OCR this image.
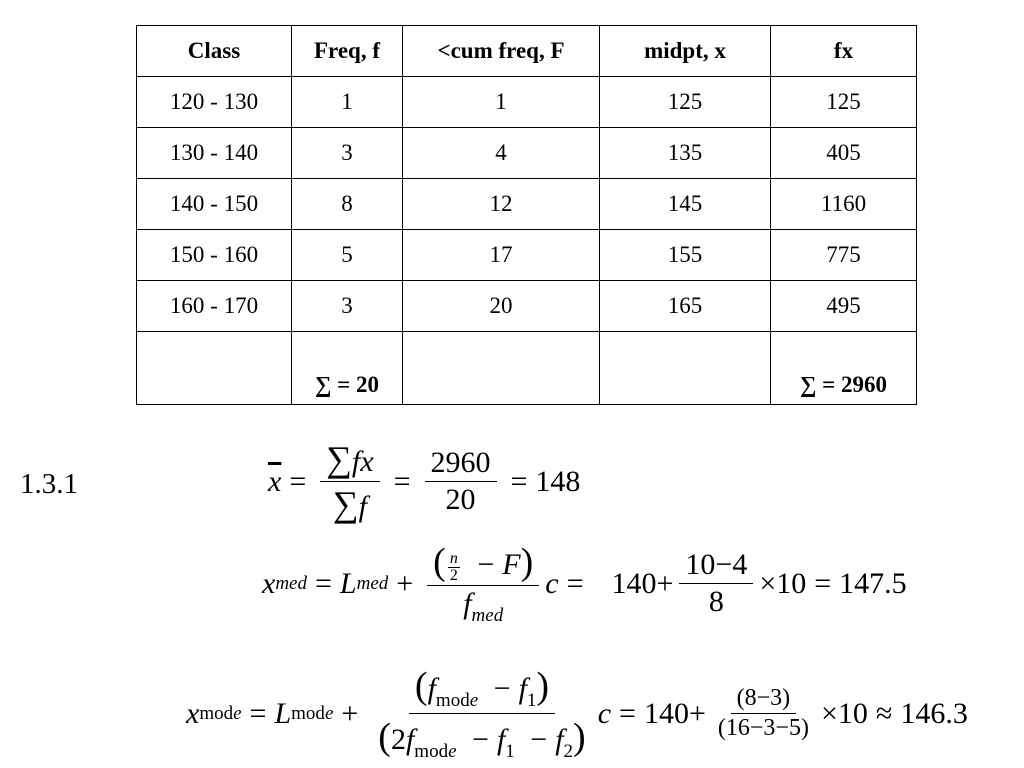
Class	Freq, f	<cum freq, F	midpt, x	fx
120 - 130	1	1	125	125
130 - 140	3	4	135	405
140 - 150	8	12	145	1160
150 - 160	5	17	155	775
160 - 170	3	20	165	495
	∑ = 20			∑ = 2960
1.3.1	$\overline{x} = \frac{\sum fx}{\sum f} = \frac{2960}{20} = 148$
x med = L med + $\frac{( \frac{n}{2} - F)}{f_{med}}$ $c = 140 + \frac{10-4}{8} \times 10 = 147.5$
x mode = L mode + $\frac{(f_{mode} - f_1)}{(2f_{mode} - f_1 - f_2)}$ $c = 140 + \frac{(8-3)}{(16-3-5)} \times 10 \approx 146.3$
